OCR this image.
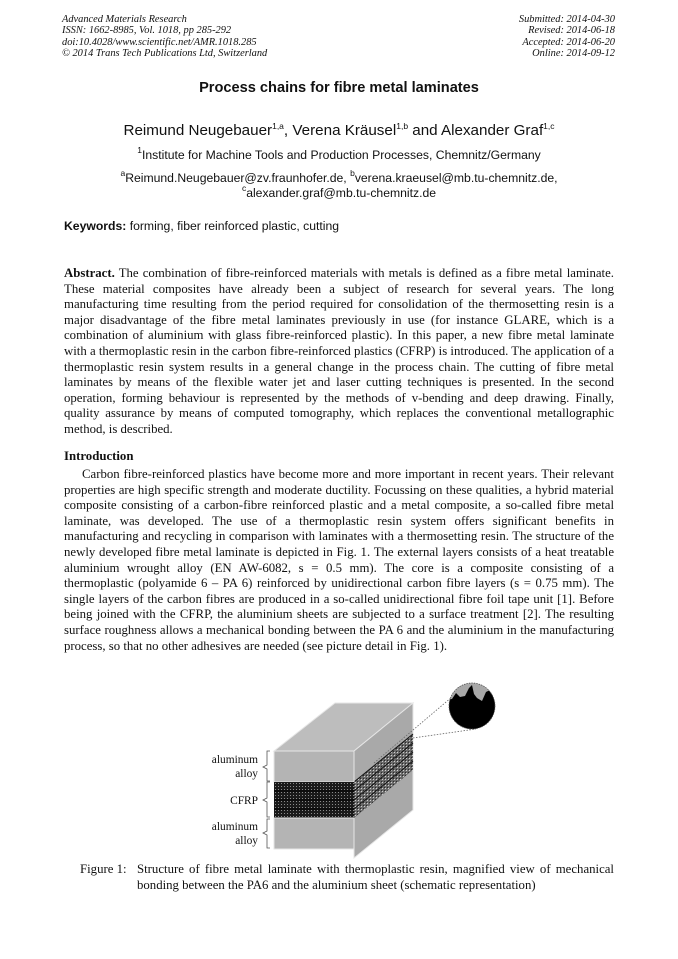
Advanced Materials Research
ISSN: 1662-8985, Vol. 1018, pp 285-292
doi:10.4028/www.scientific.net/AMR.1018.285
© 2014 Trans Tech Publications Ltd, Switzerland
Submitted: 2014-04-30
Revised: 2014-06-18
Accepted: 2014-06-20
Online: 2014-09-12
Process chains for fibre metal laminates
Reimund Neugebauer$^{1,a}$, Verena Kräusel$^{1,b}$ and Alexander Graf$^{1,c}$
$^1$Institute for Machine Tools and Production Processes, Chemnitz/Germany
$^a$Reimund.Neugebauer@zv.fraunhofer.de, $^b$verena.kraeusel@mb.tu-chemnitz.de,
$^c$alexander.graf@mb.tu-chemnitz.de
Keywords: forming, fiber reinforced plastic, cutting
Abstract. The combination of fibre-reinforced materials with metals is defined as a fibre metal laminate. These material composites have already been a subject of research for several years. The long manufacturing time resulting from the period required for consolidation of the thermosetting resin is a major disadvantage of the fibre metal laminates previously in use (for instance GLARE, which is a combination of aluminium with glass fibre-reinforced plastic). In this paper, a new fibre metal laminate with a thermoplastic resin in the carbon fibre-reinforced plastics (CFRP) is introduced. The application of a thermoplastic resin system results in a general change in the process chain. The cutting of fibre metal laminates by means of the flexible water jet and laser cutting techniques is presented. In the second operation, forming behaviour is represented by the methods of v-bending and deep drawing. Finally, quality assurance by means of computed tomography, which replaces the conventional metallographic method, is described.
Introduction
Carbon fibre-reinforced plastics have become more and more important in recent years. Their relevant properties are high specific strength and moderate ductility. Focussing on these qualities, a hybrid material composite consisting of a carbon-fibre reinforced plastic and a metal composite, a so-called fibre metal laminate, was developed. The use of a thermoplastic resin system offers significant benefits in manufacturing and recycling in comparison with laminates with a thermosetting resin. The structure of the newly developed fibre metal laminate is depicted in Fig. 1. The external layers consists of a heat treatable aluminium wrought alloy (EN AW-6082, s = 0.5 mm). The core is a composite consisting of a thermoplastic (polyamide 6 – PA 6) reinforced by unidirectional carbon fibre layers (s = 0.75 mm). The single layers of the carbon fibres are produced in a so-called unidirectional fibre foil tape unit [1]. Before being joined with the CFRP, the aluminium sheets are subjected to a surface treatment [2]. The resulting surface roughness allows a mechanical bonding between the PA 6 and the aluminium in the manufacturing process, so that no other adhesives are needed (see picture detail in Fig. 1).
aluminum
alloy
CFRP
aluminum
alloy
Figure 1: Structure of fibre metal laminate with thermoplastic resin, magnified view of mechanical bonding between the PA6 and the aluminium sheet (schematic representation)
